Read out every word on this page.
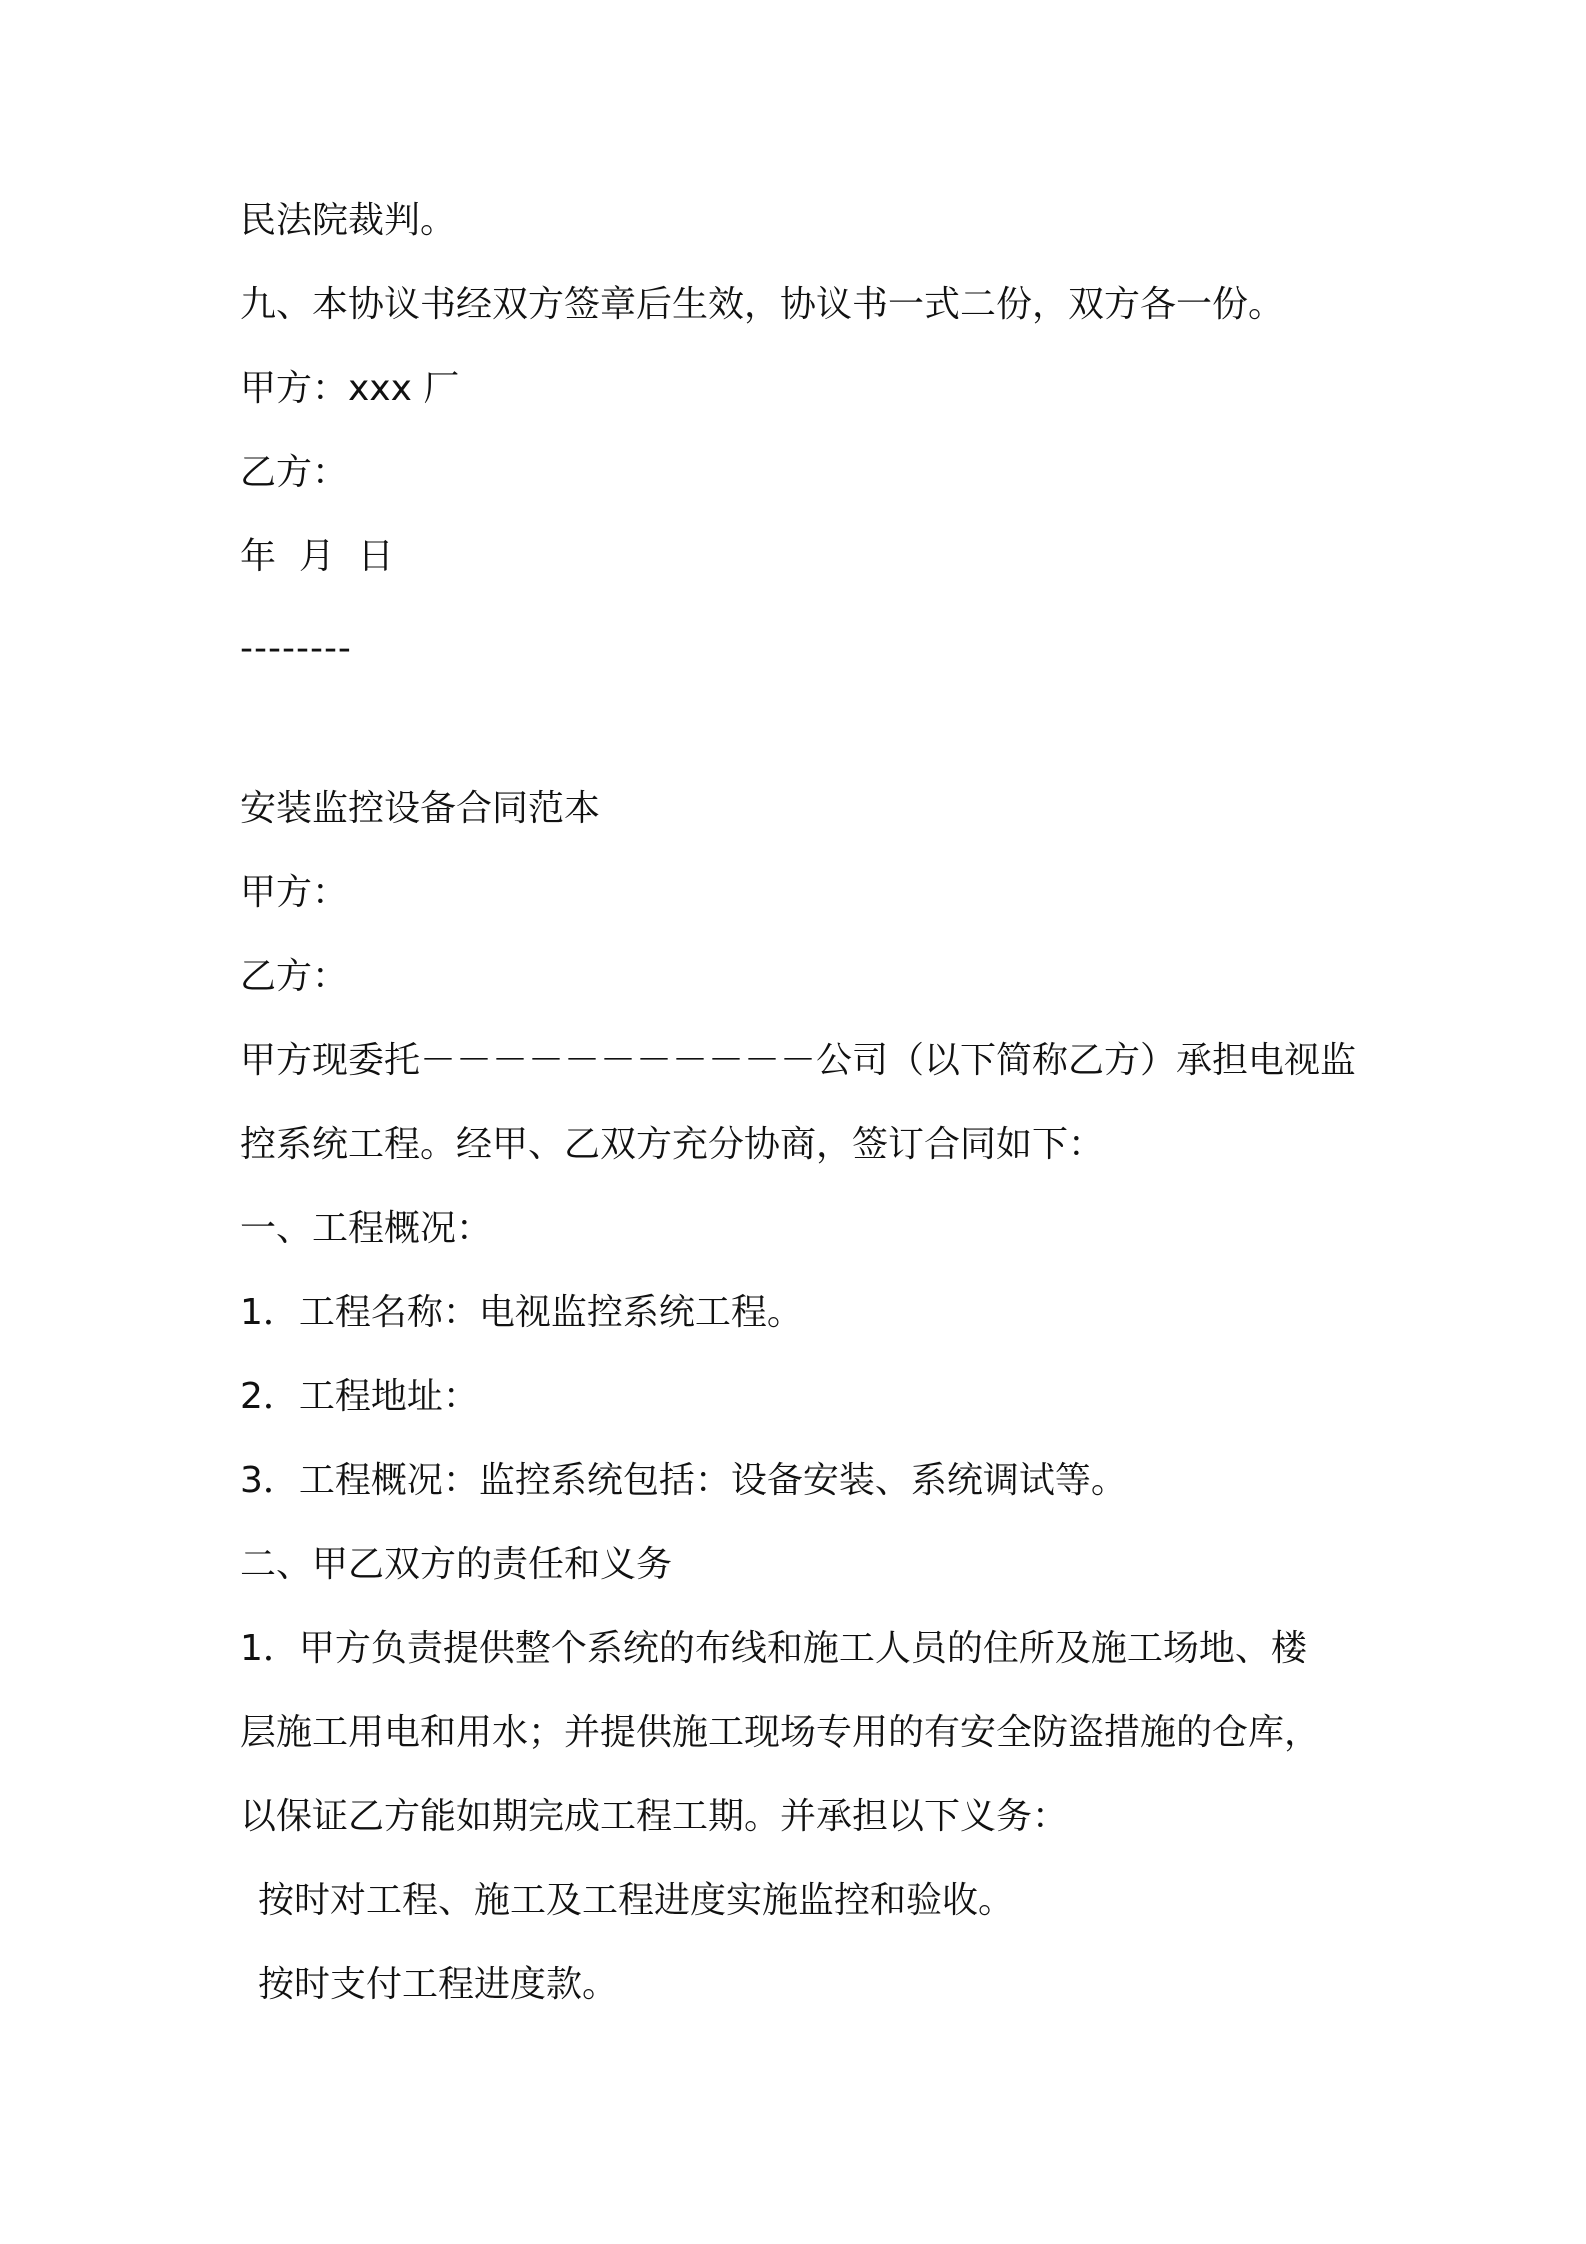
民法院裁判。

九、本协议书经双方签章后生效，协议书一式二份，双方各一份。

甲方：xxx 厂

乙方：

年  月  日

--------

安装监控设备合同范本

甲方：

乙方：

甲方现委托－－－－－－－－－－－公司（以下简称乙方）承担电视监

控系统工程。经甲、乙双方充分协商，签订合同如下：

一、工程概况：

1．工程名称：电视监控系统工程。

2．工程地址：

3．工程概况：监控系统包括：设备安装、系统调试等。

二、甲乙双方的责任和义务

1．甲方负责提供整个系统的布线和施工人员的住所及施工场地、楼

层施工用电和用水；并提供施工现场专用的有安全防盗措施的仓库，

以保证乙方能如期完成工程工期。并承担以下义务：

按时对工程、施工及工程进度实施监控和验收。

按时支付工程进度款。
